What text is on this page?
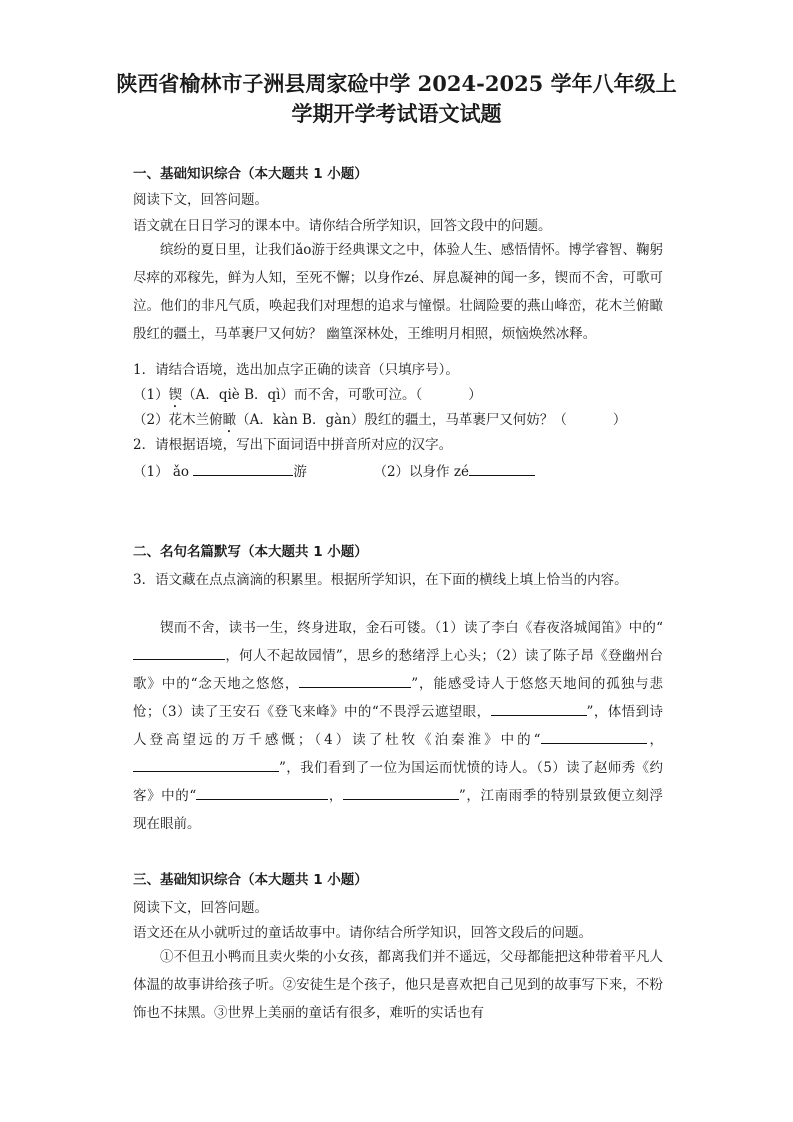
陕西省榆林市子洲县周家硷中学 2024-2025 学年八年级上
学期开学考试语文试题
一、基础知识综合（本大题共 1 小题）

阅读下文，回答问题。

语文就在日日学习的课本中。请你结合所学知识，回答文段中的问题。

缤纷的夏日里，让我们ǎo游于经典课文之中，体验人生、感悟情怀。博学睿智、鞠躬尽瘁的邓稼先，鲜为人知，至死不懈；以身作zé、屏息凝神的闻一多，锲而不舍，可歌可泣。他们的非凡气质，唤起我们对理想的追求与憧憬。壮阔险要的燕山峰峦，花木兰俯瞰殷红的疆土，马革裹尸又何妨？ 幽篁深林处，王维明月相照，烦恼焕然冰释。

1．请结合语境，选出加点字正确的读音（只填序号）。

（1）锲（A．qiè B．qì）而不舍，可歌可泣。（	）

（2）花木兰俯瞰（A．kàn B．gàn）殷红的疆土，马革裹尸又何妨？（	）

2．请根据语境，写出下面词语中拼音所对应的汉字。

（1） ǎo	游	（2）以身作 zé

二、名句名篇默写（本大题共 1 小题）

3．语文藏在点点滴滴的积累里。根据所学知识，在下面的横线上填上恰当的内容。

锲而不舍，读书一生，终身进取，金石可镂。（1）读了李白《春夜洛城闻笛》中的“，何人不起故园情”，思乡的愁绪浮上心头；（2）读了陈子昂《登幽州台歌》中的“念天地之悠悠，	”，能感受诗人于悠悠天地间的孤独与悲怆；（3）读了王安石《登飞来峰》中的“不畏浮云遮望眼，	”，体悟到诗人登高望远的万千感慨；（4）读了杜牧《泊秦淮》中的“	，”，我们看到了一位为国运而忧愤的诗人。（5）读了赵师秀《约客》中的“	，	”，江南雨季的特别景致便立刻浮现在眼前。

三、基础知识综合（本大题共 1 小题）

阅读下文，回答问题。

语文还在从小就听过的童话故事中。请你结合所学知识，回答文段后的问题。

①不但丑小鸭而且卖火柴的小女孩，都离我们并不遥远，父母都能把这种带着平凡人体温的故事讲给孩子听。②安徒生是个孩子，他只是喜欢把自己见到的故事写下来，不粉饰也不抹黑。③世界上美丽的童话有很多，难听的实话也有
